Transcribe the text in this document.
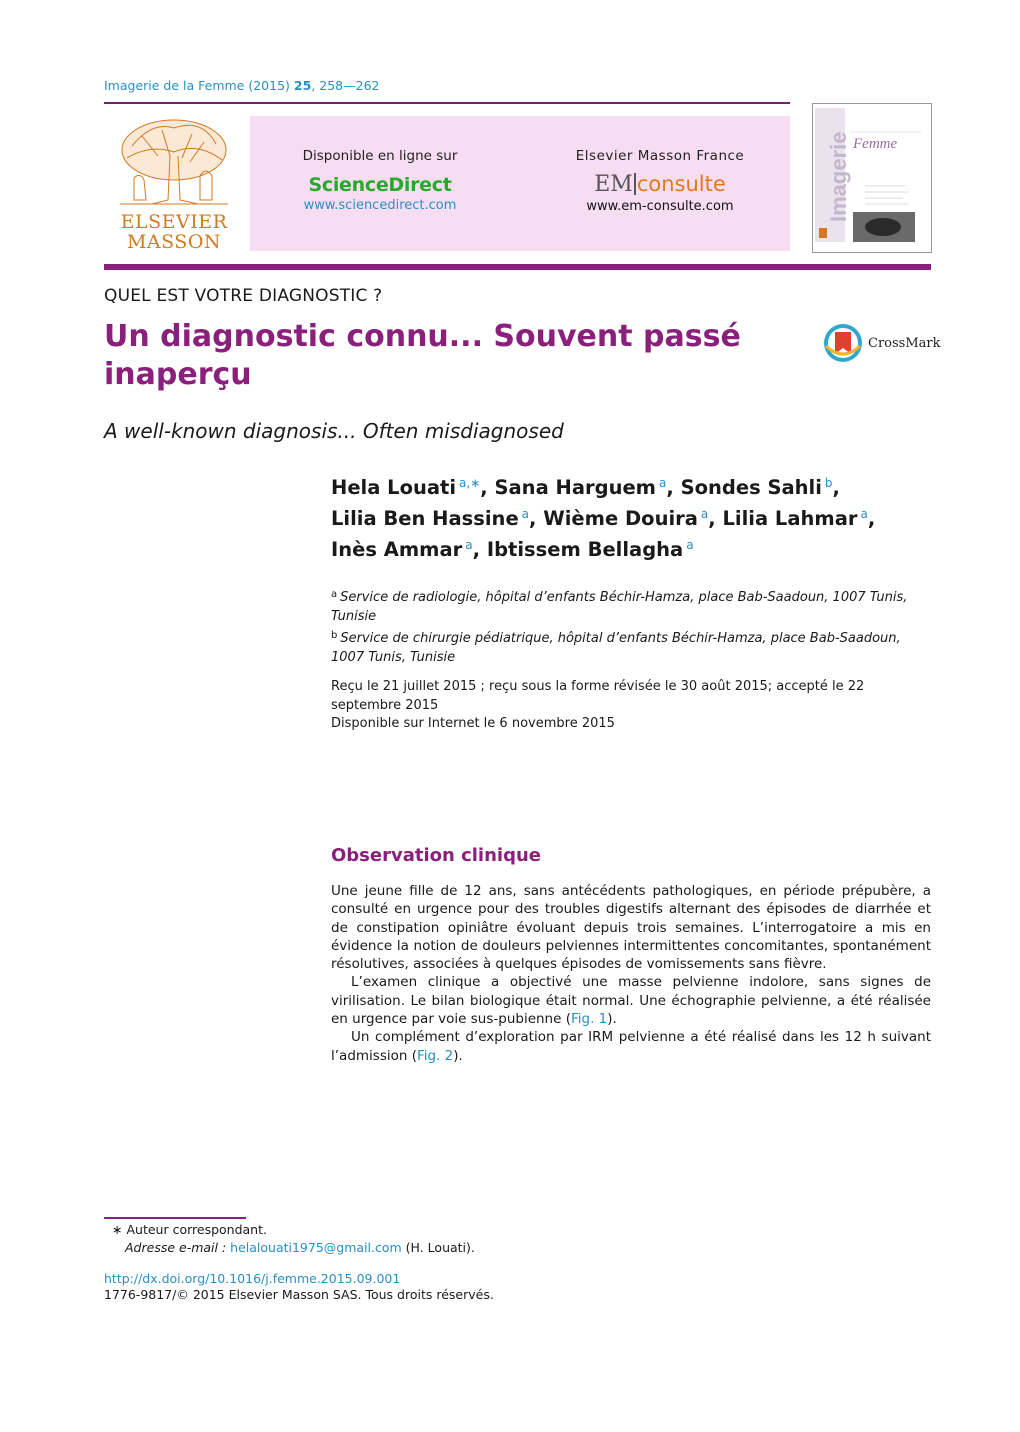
Imagerie de la Femme (2015) 25, 258—262
ELSEVIER
MASSON
Disponible en ligne sur
ScienceDirect
www.sciencedirect.com
Elsevier Masson France
EM consulte
www.em-consulte.com	Imagerie Femme
QUEL EST VOTRE DIAGNOSTIC ?
Un diagnostic connu... Souvent passé inaperçu
CrossMark
A well-known diagnosis... Often misdiagnosed
Hela Louati $^{a,∗}$, Sana Harguem $^a$, Sondes Sahli $^b$,
Lilia Ben Hassine $^a$, Wième Douira $^a$, Lilia Lahmar $^a$,
Inès Ammar $^a$, Ibtissem Bellagha $^a$
$^a$ Service de radiologie, hôpital d’enfants Béchir-Hamza, place Bab-Saadoun, 1007 Tunis, Tunisie
$^b$ Service de chirurgie pédiatrique, hôpital d’enfants Béchir-Hamza, place Bab-Saadoun, 1007 Tunis, Tunisie
Reçu le 21 juillet 2015 ; reçu sous la forme révisée le 30 août 2015; accepté le 22 septembre 2015
Disponible sur Internet le 6 novembre 2015
Observation clinique

Une jeune fille de 12 ans, sans antécédents pathologiques, en période prépubère, a consulté en urgence pour des troubles digestifs alternant des épisodes de diarrhée et de constipation opiniâtre évoluant depuis trois semaines. L’interrogatoire a mis en évidence la notion de douleurs pelviennes intermittentes concomitantes, spontanément résolutives, associées à quelques épisodes de vomissements sans fièvre.

L’examen clinique a objectivé une masse pelvienne indolore, sans signes de virilisation. Le bilan biologique était normal. Une échographie pelvienne, a été réalisée en urgence par voie sus-pubienne (Fig. 1).

Un complément d’exploration par IRM pelvienne a été réalisé dans les 12 h suivant l’admission (Fig. 2).

∗ Auteur correspondant.
Adresse e-mail : helalouati1975@gmail.com (H. Louati).
http://dx.doi.org/10.1016/j.femme.2015.09.001
1776-9817/© 2015 Elsevier Masson SAS. Tous droits réservés.
